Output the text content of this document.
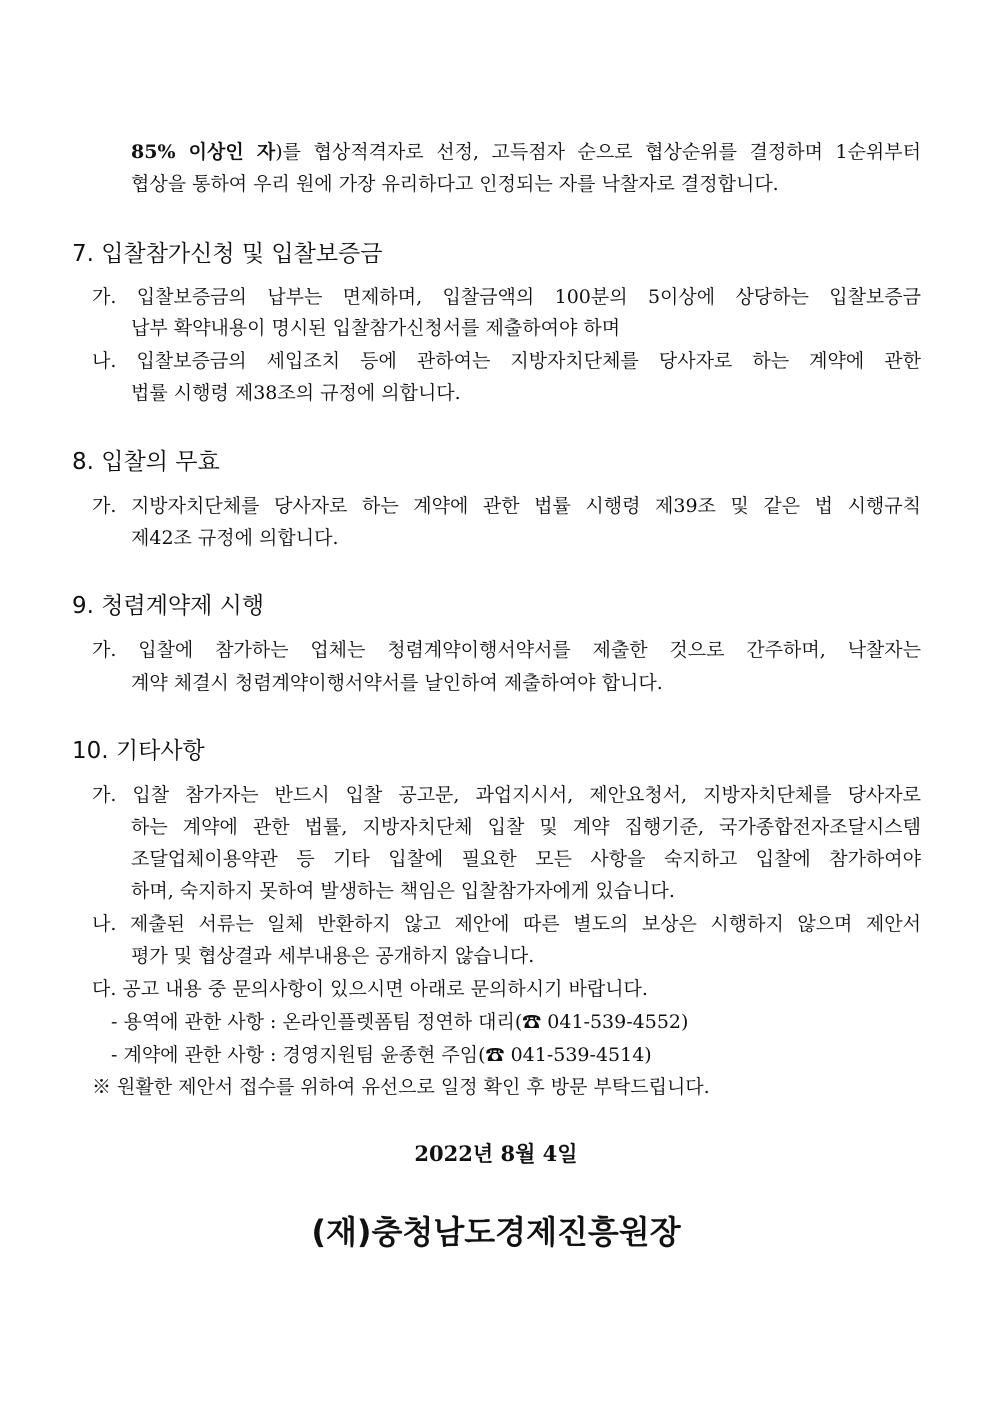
85% 이상인 자)를 협상적격자로 선정, 고득점자 순으로 협상순위를 결정하며 1순위부터
협상을 통하여 우리 원에 가장 유리하다고 인정되는 자를 낙찰자로 결정합니다.
7. 입찰참가신청 및 입찰보증금
가. 입찰보증금의 납부는 면제하며, 입찰금액의 100분의 5이상에 상당하는 입찰보증금
납부 확약내용이 명시된 입찰참가신청서를 제출하여야 하며
나. 입찰보증금의 세입조치 등에 관하여는 지방자치단체를 당사자로 하는 계약에 관한
법률 시행령 제38조의 규정에 의합니다.
8. 입찰의 무효
가. 지방자치단체를 당사자로 하는 계약에 관한 법률 시행령 제39조 및 같은 법 시행규칙
제42조 규정에 의합니다.
9. 청렴계약제 시행
가. 입찰에 참가하는 업체는 청렴계약이행서약서를 제출한 것으로 간주하며, 낙찰자는
계약 체결시 청렴계약이행서약서를 날인하여 제출하여야 합니다.
10. 기타사항
가. 입찰 참가자는 반드시 입찰 공고문, 과업지시서, 제안요청서, 지방자치단체를 당사자로
하는 계약에 관한 법률, 지방자치단체 입찰 및 계약 집행기준, 국가종합전자조달시스템
조달업체이용약관 등 기타 입찰에 필요한 모든 사항을 숙지하고 입찰에 참가하여야
하며, 숙지하지 못하여 발생하는 책임은 입찰참가자에게 있습니다.
나. 제출된 서류는 일체 반환하지 않고 제안에 따른 별도의 보상은 시행하지 않으며 제안서
평가 및 협상결과 세부내용은 공개하지 않습니다.
다. 공고 내용 중 문의사항이 있으시면 아래로 문의하시기 바랍니다.
- 용역에 관한 사항 : 온라인플렛폼팀 정연하 대리(☎ 041-539-4552)
- 계약에 관한 사항 : 경영지원팀 윤종현 주임(☎ 041-539-4514)
※ 원활한 제안서 접수를 위하여 유선으로 일정 확인 후 방문 부탁드립니다.
2022년 8월 4일
(재)충청남도경제진흥원장
